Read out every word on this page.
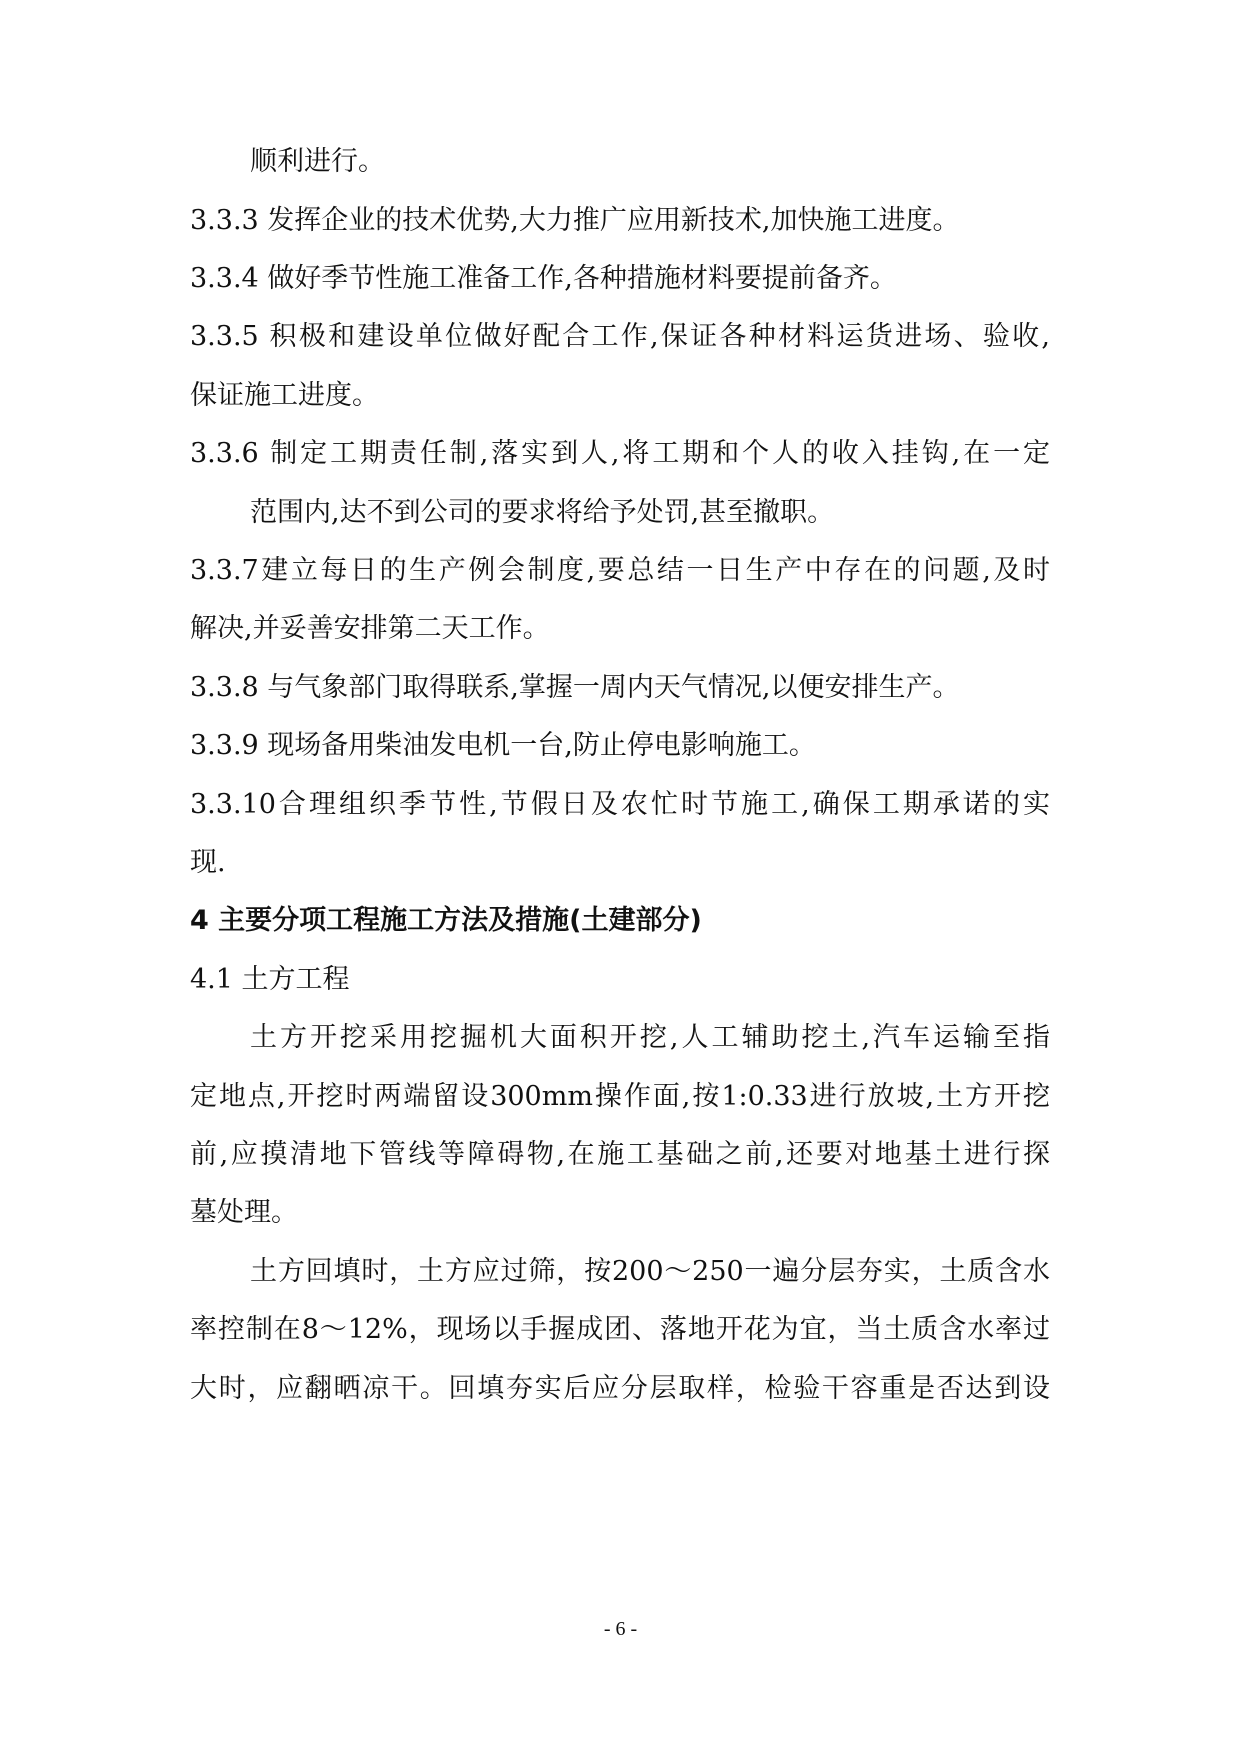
顺利进行。
3.3.3 发挥企业的技术优势,大力推广应用新技术,加快施工进度。
3.3.4 做好季节性施工准备工作,各种措施材料要提前备齐。
3.3.5 积极和建设单位做好配合工作,保证各种材料运货进场、验收,
保证施工进度。
3.3.6 制定工期责任制,落实到人,将工期和个人的收入挂钩,在一定
范围内,达不到公司的要求将给予处罚,甚至撤职。
3.3.7建立每日的生产例会制度,要总结一日生产中存在的问题,及时
解决,并妥善安排第二天工作。
3.3.8 与气象部门取得联系,掌握一周内天气情况,以便安排生产。
3.3.9 现场备用柴油发电机一台,防止停电影响施工。
3.3.10合理组织季节性,节假日及农忙时节施工,确保工期承诺的实
现.
4 主要分项工程施工方法及措施(土建部分)
4.1 土方工程
土方开挖采用挖掘机大面积开挖,人工辅助挖土,汽车运输至指
定地点,开挖时两端留设300mm操作面,按1:0.33进行放坡,土方开挖
前,应摸清地下管线等障碍物,在施工基础之前,还要对地基土进行探
墓处理。
土方回填时，土方应过筛，按200～250一遍分层夯实，土质含水
率控制在8～12%，现场以手握成团、落地开花为宜，当土质含水率过
大时，应翻晒凉干。回填夯实后应分层取样，检验干容重是否达到设
- 6 -
